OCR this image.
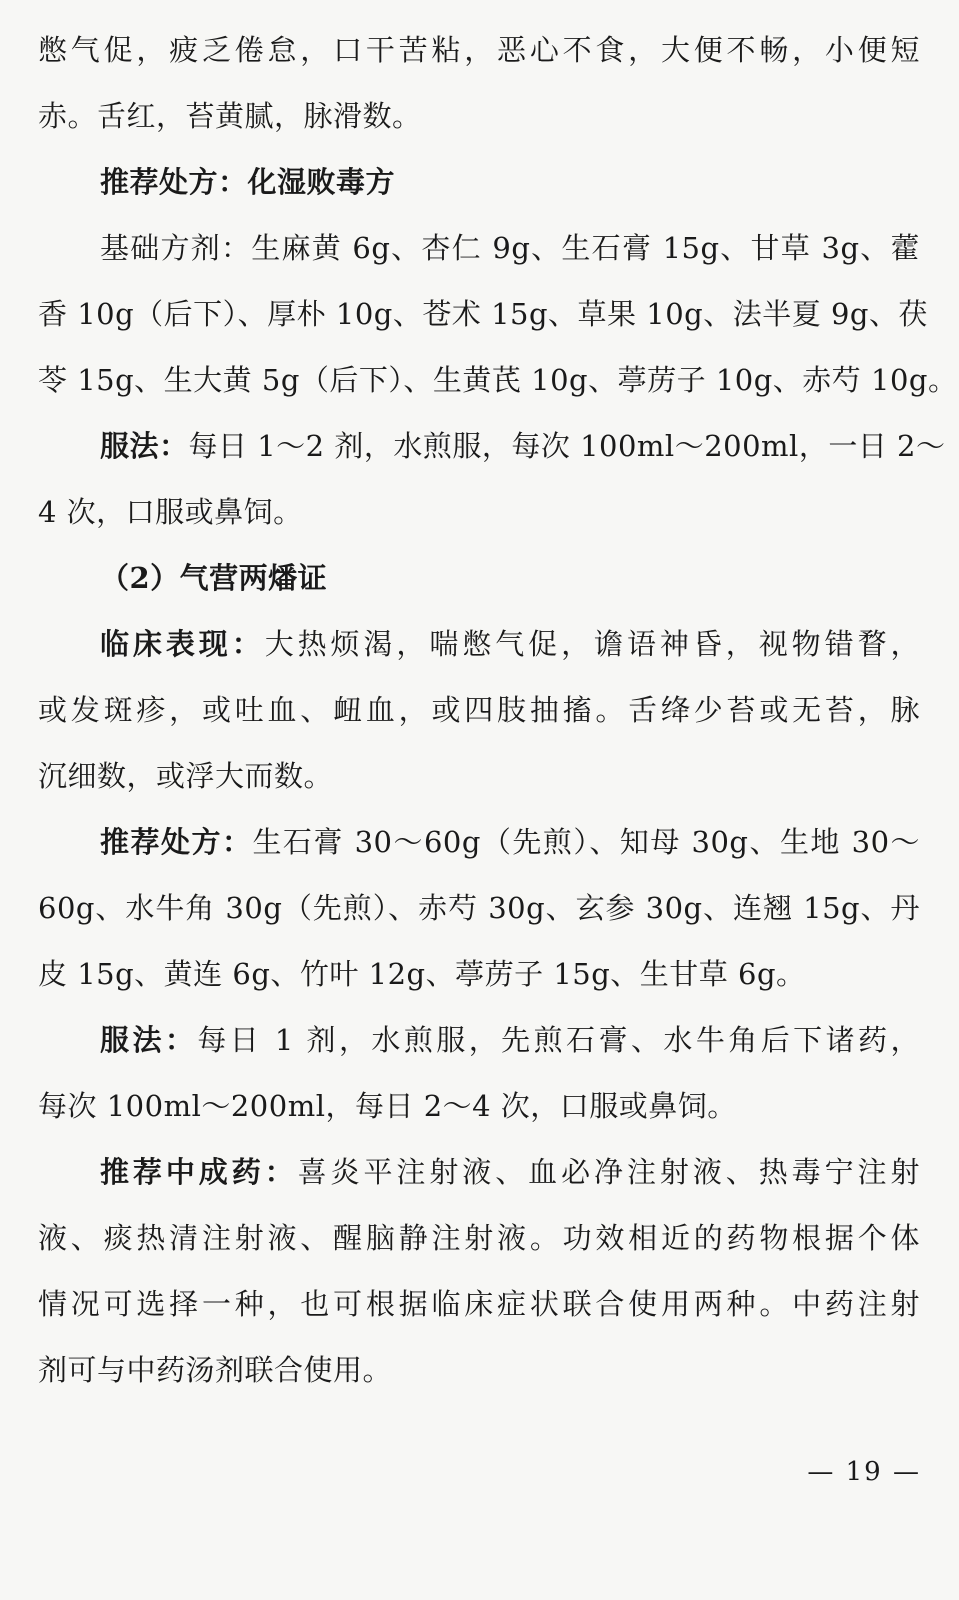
憋气促，疲乏倦怠，口干苦粘，恶心不食，大便不畅，小便短
赤。舌红，苔黄腻，脉滑数。
推荐处方：化湿败毒方
基础方剂：生麻黄 6g、杏仁 9g、生石膏 15g、甘草 3g、藿
香 10g（后下）、厚朴 10g、苍术 15g、草果 10g、法半夏 9g、茯
苓 15g、生大黄 5g（后下）、生黄芪 10g、葶苈子 10g、赤芍 10g。
服法：每日 1～2 剂，水煎服，每次 100ml～200ml，一日 2～
4 次，口服或鼻饲。
（2）气营两燔证
临床表现：大热烦渴，喘憋气促，谵语神昏，视物错瞀，
或发斑疹，或吐血、衄血，或四肢抽搐。舌绛少苔或无苔，脉
沉细数，或浮大而数。
推荐处方：生石膏 30～60g（先煎）、知母 30g、生地 30～
60g、水牛角 30g（先煎）、赤芍 30g、玄参 30g、连翘 15g、丹
皮 15g、黄连 6g、竹叶 12g、葶苈子 15g、生甘草 6g。
服法：每日 1 剂，水煎服，先煎石膏、水牛角后下诸药，
每次 100ml～200ml，每日 2～4 次，口服或鼻饲。
推荐中成药：喜炎平注射液、血必净注射液、热毒宁注射
液、痰热清注射液、醒脑静注射液。功效相近的药物根据个体
情况可选择一种，也可根据临床症状联合使用两种。中药注射
剂可与中药汤剂联合使用。
— 19 —
